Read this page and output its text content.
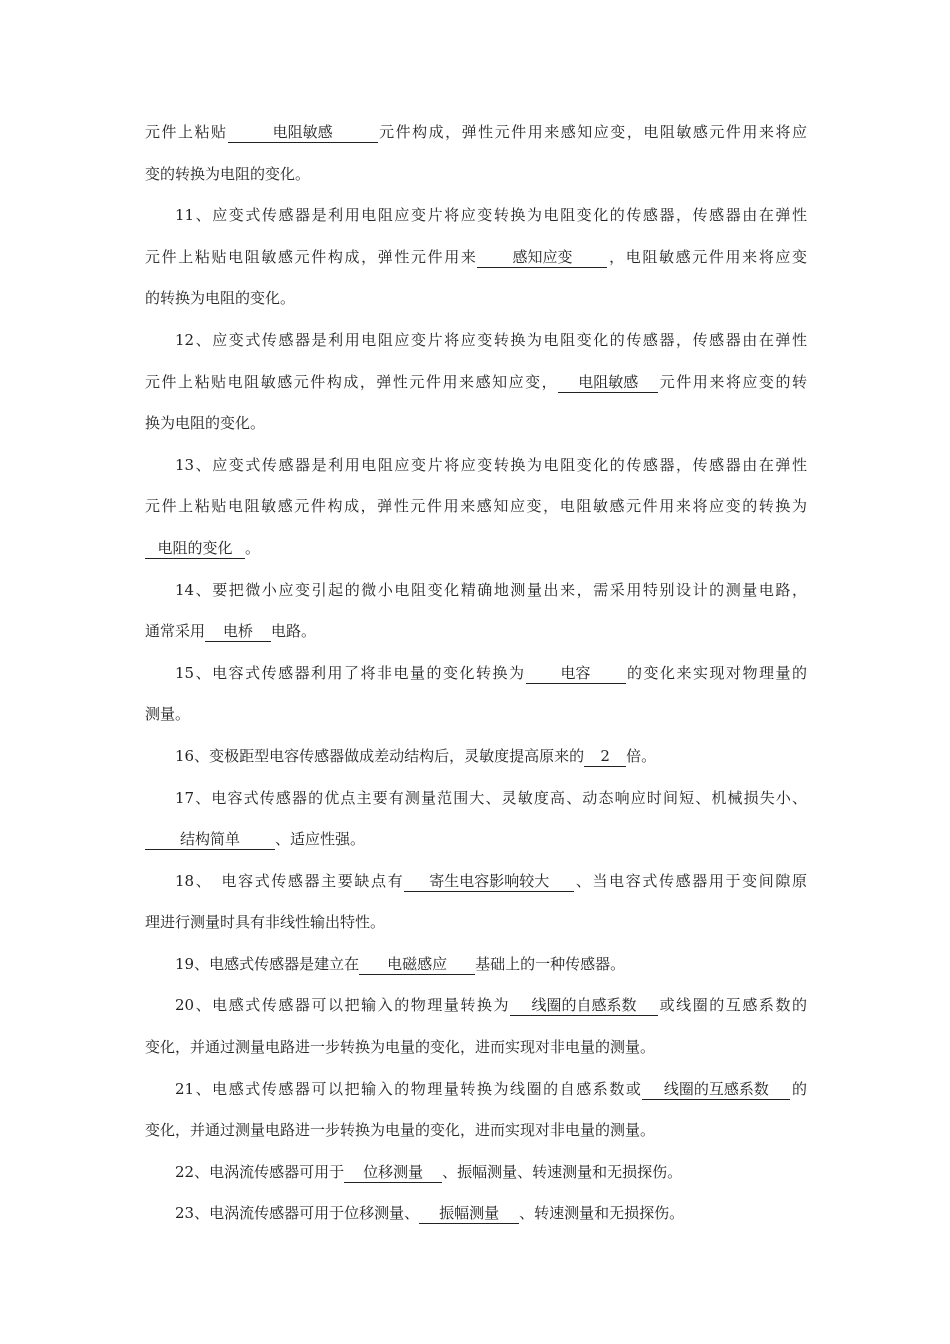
元件上粘贴	电阻敏感	元件构成，弹性元件用来感知应变，电阻敏感元件用来将应
变的转换为电阻的变化。
11、应变式传感器是利用电阻应变片将应变转换为电阻变化的传感器，传感器由在弹性
元件上粘贴电阻敏感元件构成，弹性元件用来 感知应变 ，电阻敏感元件用来将应变
的转换为电阻的变化。
12、应变式传感器是利用电阻应变片将应变转换为电阻变化的传感器，传感器由在弹性
元件上粘贴电阻敏感元件构成，弹性元件用来感知应变， 电阻敏感 元件用来将应变的转
换为电阻的变化。
13、应变式传感器是利用电阻应变片将应变转换为电阻变化的传感器，传感器由在弹性
元件上粘贴电阻敏感元件构成，弹性元件用来感知应变，电阻敏感元件用来将应变的转换为
电阻的变化 。
14、要把微小应变引起的微小电阻变化精确地测量出来，需采用特别设计的测量电路，
通常采用 电桥 电路。
15、电容式传感器利用了将非电量的变化转换为 电容 的变化来实现对物理量的
测量。
16、变极距型电容传感器做成差动结构后，灵敏度提高原来的 2 倍。
17、电容式传感器的优点主要有测量范围大、灵敏度高、动态响应时间短、机械损失小、
结构简单 、适应性强。
18、　电容式传感器主要缺点有 寄生电容影响较大 、当电容式传感器用于变间隙原
理进行测量时具有非线性输出特性。
19、电感式传感器是建立在 电磁感应 基础上的一种传感器。
20、电感式传感器可以把输入的物理量转换为 线圈的自感系数 或线圈的互感系数的
变化，并通过测量电路进一步转换为电量的变化，进而实现对非电量的测量。
21、电感式传感器可以把输入的物理量转换为线圈的自感系数或 线圈的互感系数 的
变化，并通过测量电路进一步转换为电量的变化，进而实现对非电量的测量。
22、电涡流传感器可用于 位移测量 、振幅测量、转速测量和无损探伤。
23、电涡流传感器可用于位移测量、 振幅测量 、转速测量和无损探伤。
